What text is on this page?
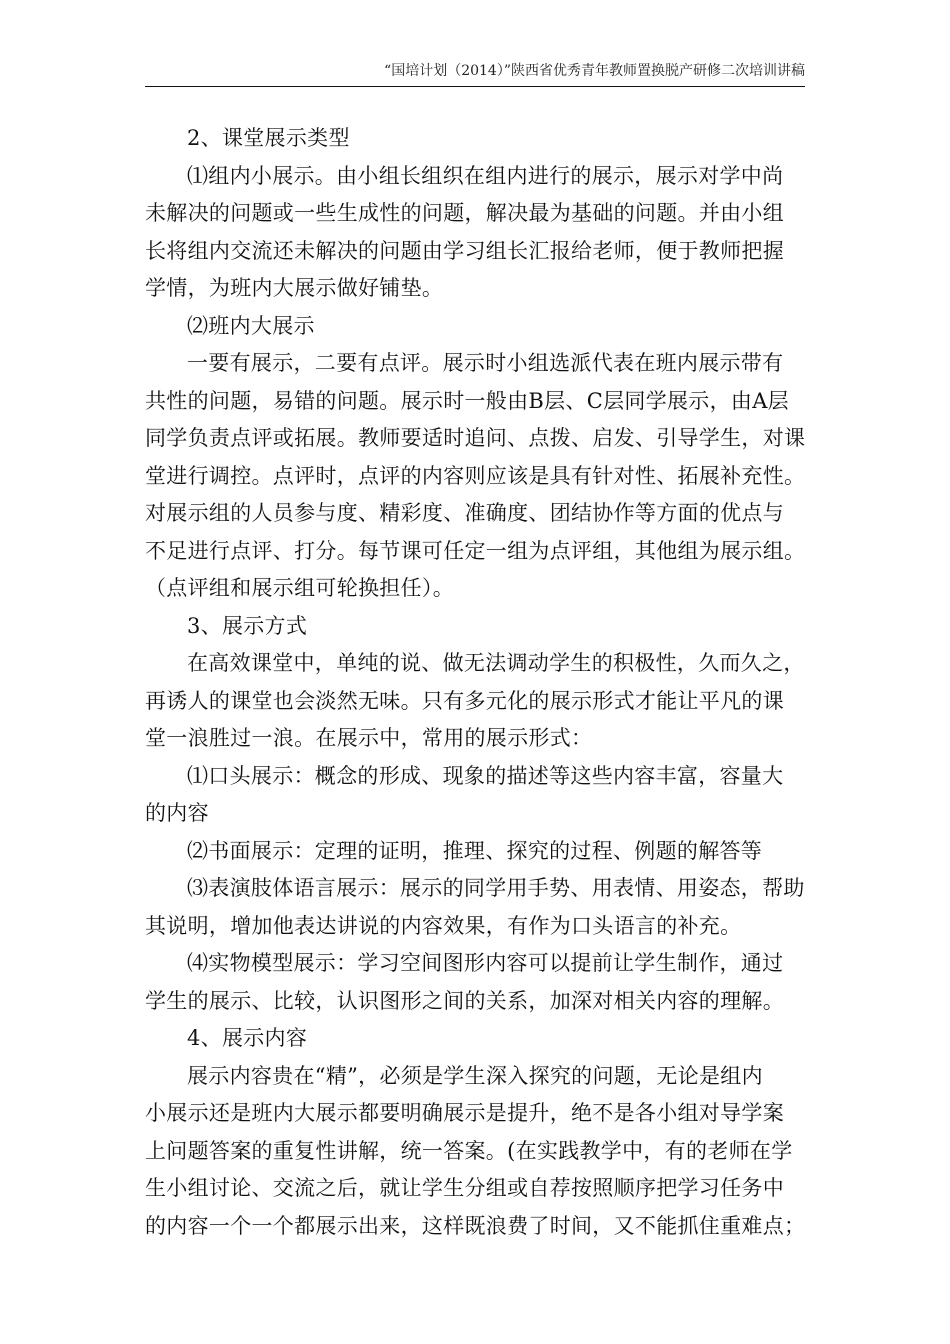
“国培计划（2014）”陕西省优秀青年教师置换脱产研修二次培训讲稿
2、课堂展示类型
⑴组内小展示。由小组长组织在组内进行的展示，展示对学中尚
未解决的问题或一些生成性的问题，解决最为基础的问题。并由小组
长将组内交流还未解决的问题由学习组长汇报给老师，便于教师把握
学情，为班内大展示做好铺垫。
⑵班内大展示
一要有展示，二要有点评。展示时小组选派代表在班内展示带有
共性的问题，易错的问题。展示时一般由B层、C层同学展示，由A层
同学负责点评或拓展。教师要适时追问、点拨、启发、引导学生，对课
堂进行调控。点评时，点评的内容则应该是具有针对性、拓展补充性。
对展示组的人员参与度、精彩度、准确度、团结协作等方面的优点与
不足进行点评、打分。每节课可任定一组为点评组，其他组为展示组。
（点评组和展示组可轮换担任）。
3、展示方式
在高效课堂中，单纯的说、做无法调动学生的积极性，久而久之，
再诱人的课堂也会淡然无味。只有多元化的展示形式才能让平凡的课
堂一浪胜过一浪。在展示中，常用的展示形式：
⑴口头展示：概念的形成、现象的描述等这些内容丰富，容量大
的内容
⑵书面展示：定理的证明，推理、探究的过程、例题的解答等
⑶表演肢体语言展示：展示的同学用手势、用表情、用姿态，帮助
其说明，增加他表达讲说的内容效果，有作为口头语言的补充。
⑷实物模型展示：学习空间图形内容可以提前让学生制作，通过
学生的展示、比较，认识图形之间的关系，加深对相关内容的理解。
4、展示内容
展示内容贵在“精”，必须是学生深入探究的问题，无论是组内
小展示还是班内大展示都要明确展示是提升，绝不是各小组对导学案
上问题答案的重复性讲解，统一答案。(在实践教学中，有的老师在学
生小组讨论、交流之后，就让学生分组或自荐按照顺序把学习任务中
的内容一个一个都展示出来，这样既浪费了时间，又不能抓住重难点；
